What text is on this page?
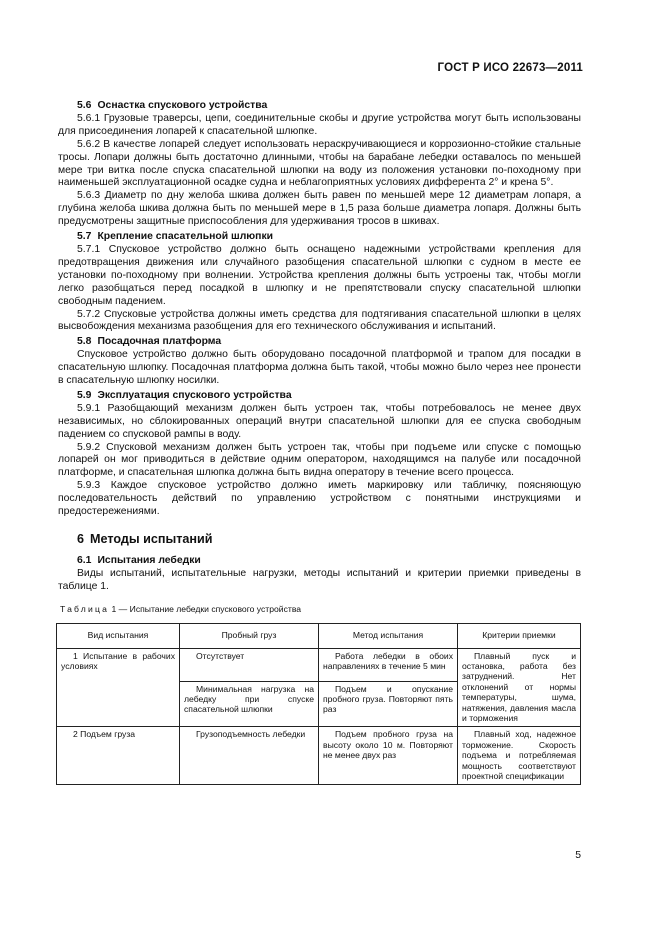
ГОСТ Р ИСО 22673—2011

5.6 Оснастка спускового устройства

5.6.1 Грузовые траверсы, цепи, соединительные скобы и другие устройства могут быть использованы для присоединения лопарей к спасательной шлюпке.

5.6.2 В качестве лопарей следует использовать нераскручивающиеся и коррозионно-стойкие стальные тросы. Лопари должны быть достаточно длинными, чтобы на барабане лебедки оставалось по меньшей мере три витка после спуска спасательной шлюпки на воду из положения установки по-походному при наименьшей эксплуатационной осадке судна и неблагоприятных условиях дифферента 2° и крена 5°.

5.6.3 Диаметр по дну желоба шкива должен быть равен по меньшей мере 12 диаметрам лопаря, а глубина желоба шкива должна быть по меньшей мере в 1,5 раза больше диаметра лопаря. Должны быть предусмотрены защитные приспособления для удерживания тросов в шкивах.

5.7 Крепление спасательной шлюпки

5.7.1 Спусковое устройство должно быть оснащено надежными устройствами крепления для предотвращения движения или случайного разобщения спасательной шлюпки с судном в месте ее установки по-походному при волнении. Устройства крепления должны быть устроены так, чтобы могли легко разобщаться перед посадкой в шлюпку и не препятствовали спуску спасательной шлюпки свободным падением.

5.7.2 Спусковые устройства должны иметь средства для подтягивания спасательной шлюпки в целях высвобождения механизма разобщения для его технического обслуживания и испытаний.

5.8 Посадочная платформа

Спусковое устройство должно быть оборудовано посадочной платформой и трапом для посадки в спасательную шлюпку. Посадочная платформа должна быть такой, чтобы можно было через нее пронести в спасательную шлюпку носилки.

5.9 Эксплуатация спускового устройства

5.9.1 Разобщающий механизм должен быть устроен так, чтобы потребовалось не менее двух независимых, но сблокированных операций внутри спасательной шлюпки для ее спуска свободным падением со спусковой рампы в воду.

5.9.2 Спусковой механизм должен быть устроен так, чтобы при подъеме или спуске с помощью лопарей он мог приводиться в действие одним оператором, находящимся на палубе или посадочной платформе, и спасательная шлюпка должна быть видна оператору в течение всего процесса.

5.9.3 Каждое спусковое устройство должно иметь маркировку или табличку, поясняющую последовательность действий по управлению устройством с понятными инструкциями и предостережениями.

6 Методы испытаний

6.1 Испытания лебедки

Виды испытаний, испытательные нагрузки, методы испытаний и критерии приемки приведены в таблице 1.

Таблица 1 — Испытание лебедки спускового устройства
Вид испытания	Пробный груз	Метод испытания	Критерии приемки

1 Испытание в рабочих условиях	Отсутствует	Работа лебедки в обоих направлениях в течение 5 мин	Плавный пуск и остановка, работа без затруднений. Нет отклонений от нормы температуры, шума, натяжения, давления масла и торможения

	Минимальная нагрузка на лебедку при спуске спасательной шлюпки	Подъем и опускание пробного груза. Повторяют пять раз	

2 Подъем груза	Грузоподъемность лебедки	Подъем пробного груза на высоту около 10 м. Повторяют не менее двух раз	Плавный ход, надежное торможение. Скорость подъема и потребляемая мощность соответствуют проектной спецификации
5
